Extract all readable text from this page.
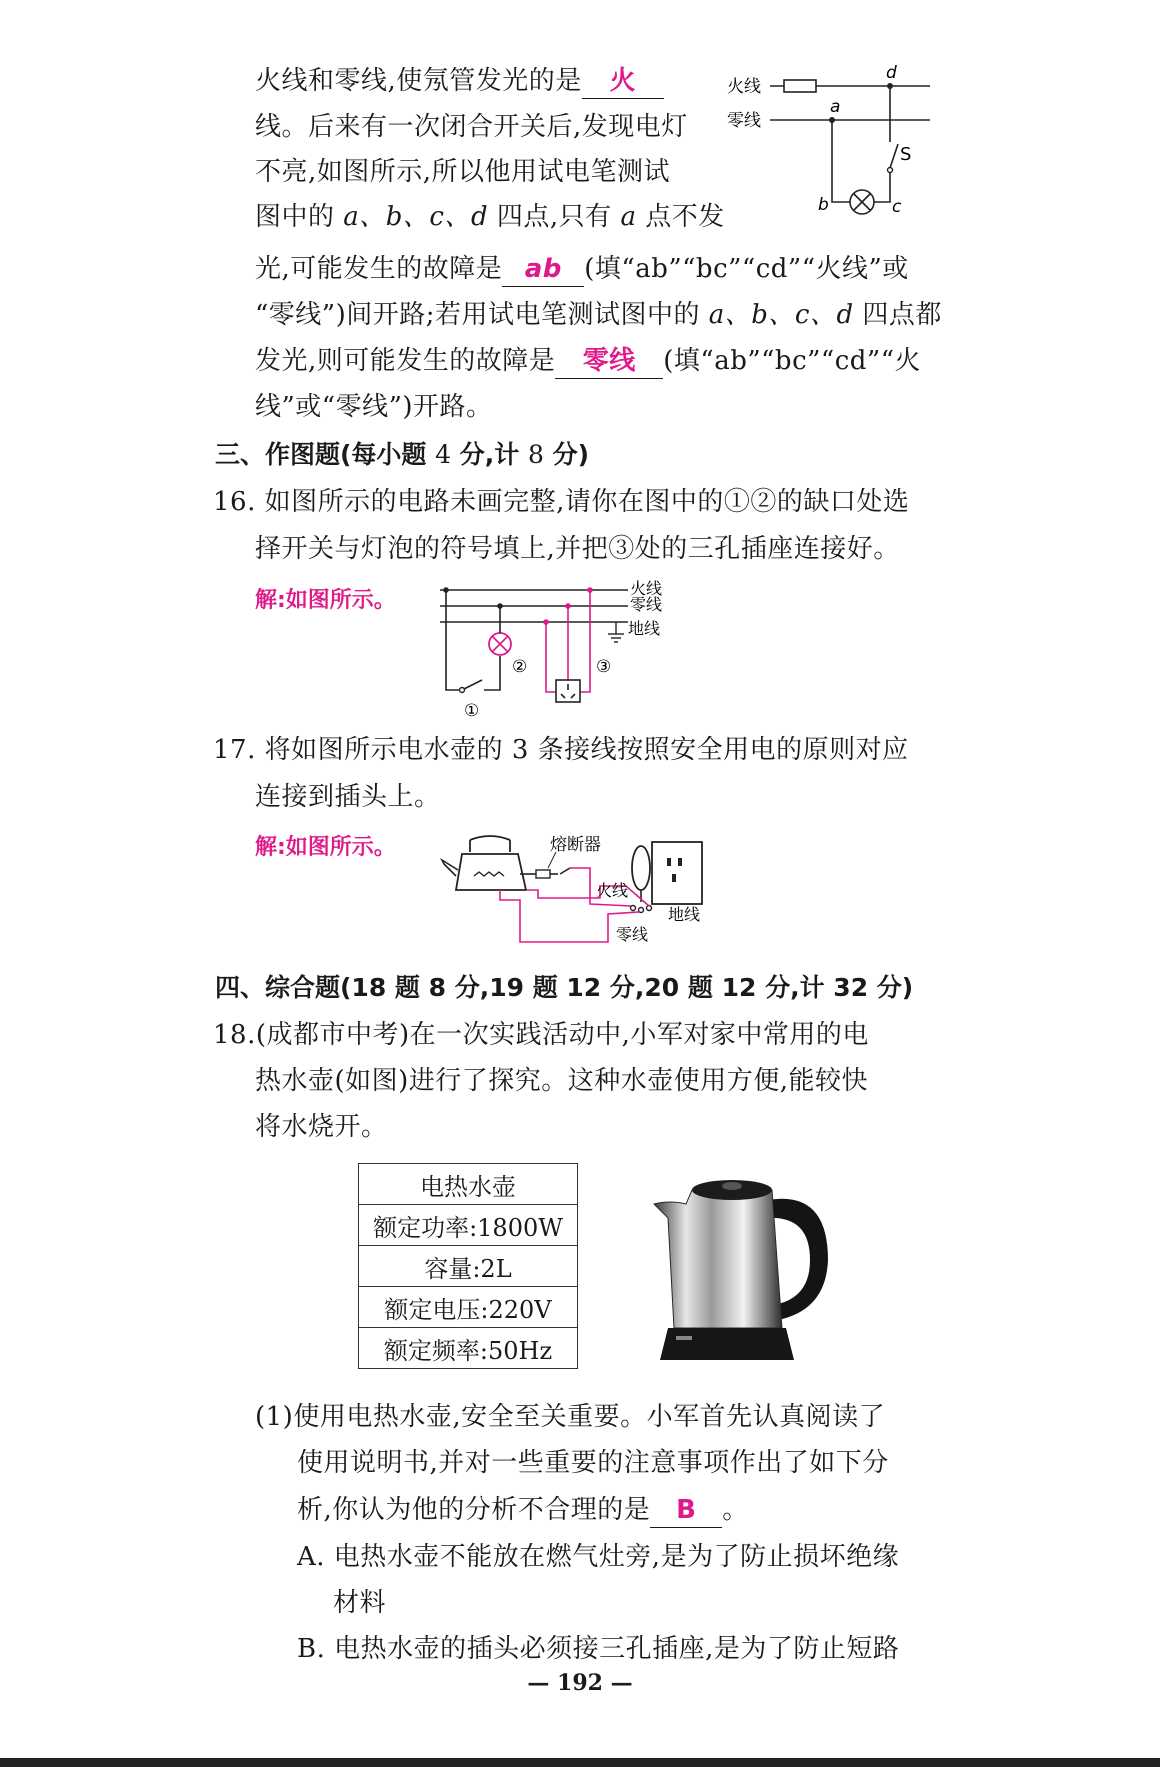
火线和零线,使氖管发光的是 火
线。后来有一次闭合开关后,发现电灯
不亮,如图所示,所以他用试电笔测试
图中的 a、b、c、d 四点,只有 a 点不发
光,可能发生的故障是 ab (填“ab”“bc”“cd”“火线”或
“零线”)间开路;若用试电笔测试图中的 a、b、c、d 四点都
发光,则可能发生的故障是 零线 (填“ab”“bc”“cd”“火
线”或“零线”)开路。
火线
零线
a
d
S
b	c
三、作图题(每小题 4 分,计 8 分)
16. 如图所示的电路未画完整,请你在图中的①②的缺口处选
择开关与灯泡的符号填上,并把③处的三孔插座连接好。
解:如图所示。	火线
零线
地线
②
①
③
17. 将如图所示电水壶的 3 条接线按照安全用电的原则对应
连接到插头上。
解:如图所示。	熔断器
火线
地线
零线
四、综合题(18 题 8 分,19 题 12 分,20 题 12 分,计 32 分)
18.(成都市中考)在一次实践活动中,小军对家中常用的电
热水壶(如图)进行了探究。这种水壶使用方便,能较快
将水烧开。
电热水壶
额定功率:1800W
容量:2L
额定电压:220V
额定频率:50Hz
(1)使用电热水壶,安全至关重要。小军首先认真阅读了
使用说明书,并对一些重要的注意事项作出了如下分
析,你认为他的分析不合理的是 B 。
A. 电热水壶不能放在燃气灶旁,是为了防止损坏绝缘
材料
B. 电热水壶的插头必须接三孔插座,是为了防止短路
— 192 —
